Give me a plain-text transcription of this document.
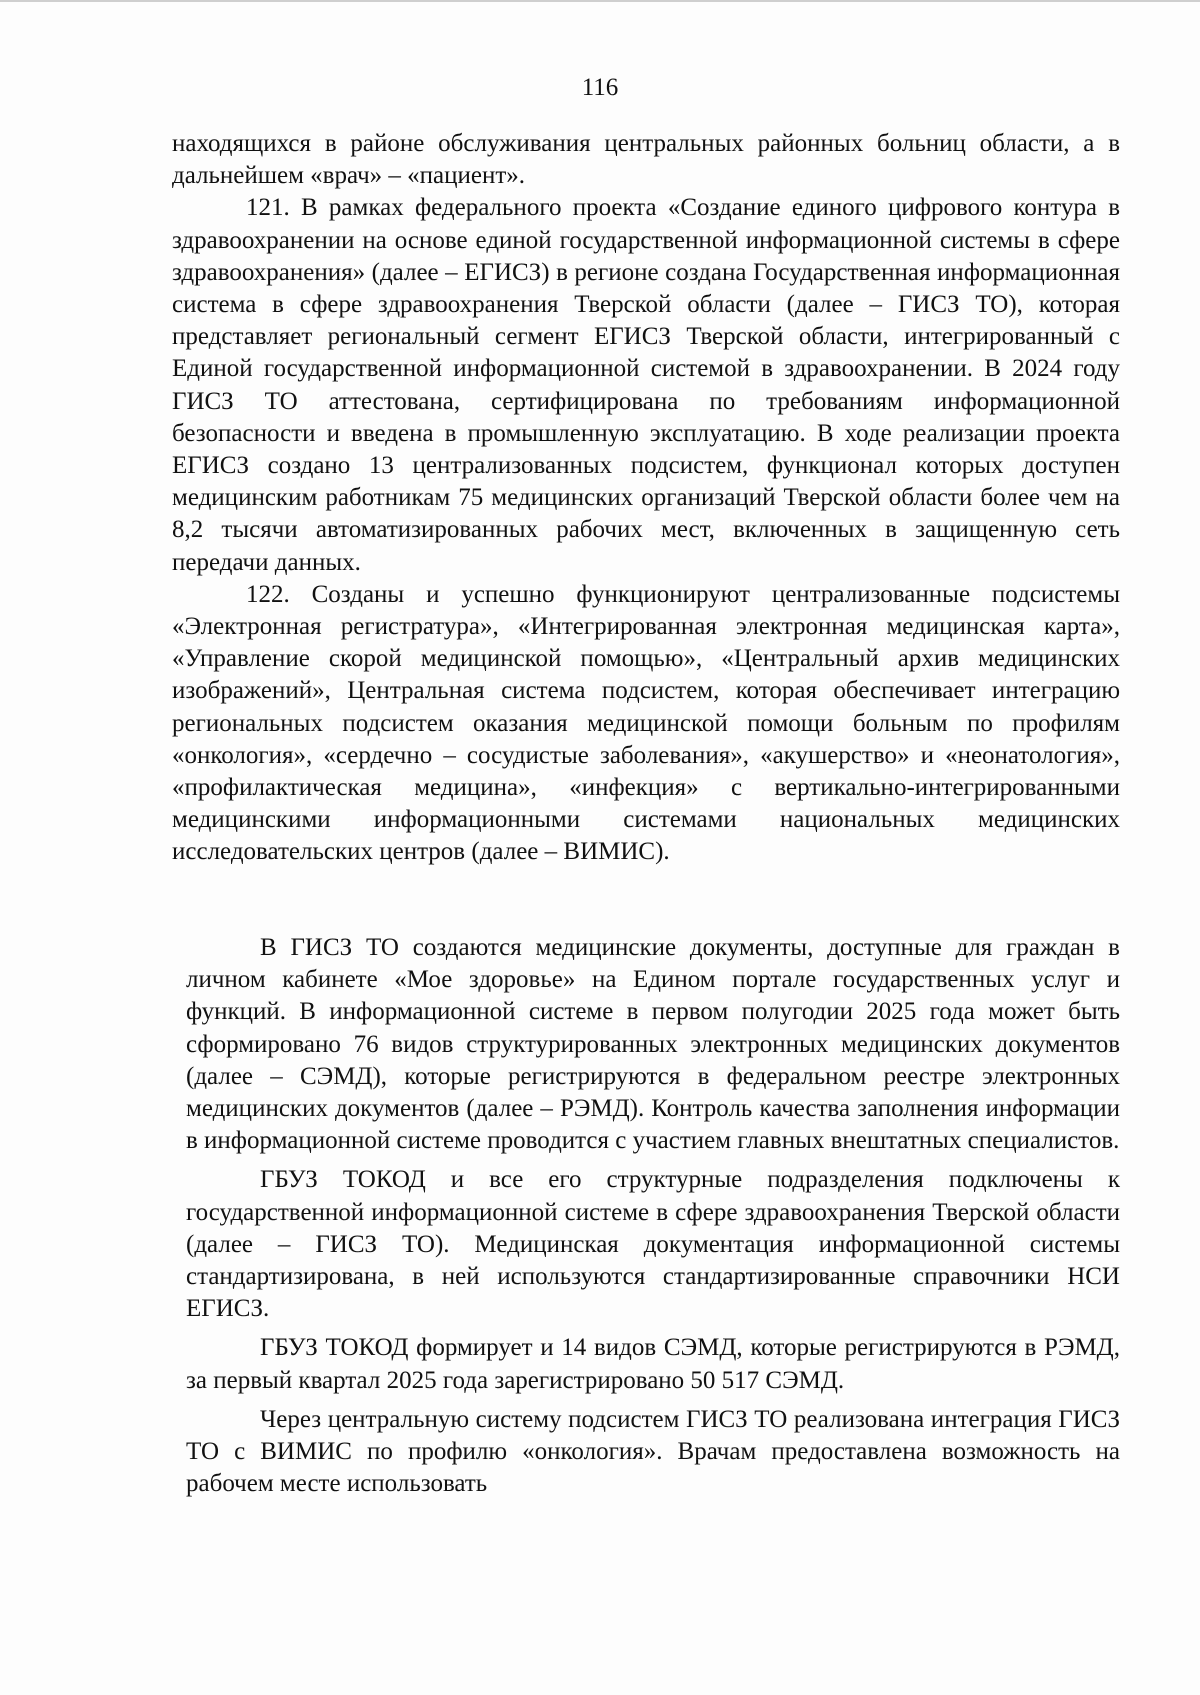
116

находящихся в районе обслуживания центральных районных больниц области, а в дальнейшем «врач» – «пациент».

121. В рамках федерального проекта «Создание единого цифрового контура в здравоохранении на основе единой государственной информационной системы в сфере здравоохранения» (далее – ЕГИСЗ) в регионе создана Государственная информационная система в сфере здравоохранения Тверской области (далее – ГИСЗ ТО), которая представляет региональный сегмент ЕГИСЗ Тверской области, интегрированный с Единой государственной информационной системой в здравоохранении. В 2024 году ГИСЗ ТО аттестована, сертифицирована по требованиям информационной безопасности и введена в промышленную эксплуатацию. В ходе реализации проекта ЕГИСЗ создано 13 централизованных подсистем, функционал которых доступен медицинским работникам 75 медицинских организаций Тверской области более чем на 8,2 тысячи автоматизированных рабочих мест, включенных в защищенную сеть передачи данных.

122. Созданы и успешно функционируют централизованные подсистемы «Электронная регистратура», «Интегрированная электронная медицинская карта», «Управление скорой медицинской помощью», «Центральный архив медицинских изображений», Центральная система подсистем, которая обеспечивает интеграцию региональных подсистем оказания медицинской помощи больным по профилям «онкология», «сердечно – сосудистые заболевания», «акушерство» и «неонатология», «профилактическая медицина», «инфекция» с вертикально-интегрированными медицинскими информационными системами национальных медицинских исследовательских центров (далее – ВИМИС).

В ГИСЗ ТО создаются медицинские документы, доступные для граждан в личном кабинете «Мое здоровье» на Едином портале государственных услуг и функций. В информационной системе в первом полугодии 2025 года может быть сформировано 76 видов структурированных электронных медицинских документов (далее – СЭМД), которые регистрируются в федеральном реестре электронных медицинских документов (далее – РЭМД). Контроль качества заполнения информации в информационной системе проводится с участием главных внештатных специалистов.

ГБУЗ ТОКОД и все его структурные подразделения подключены к государственной информационной системе в сфере здравоохранения Тверской области (далее – ГИСЗ ТО). Медицинская документация информационной системы стандартизирована, в ней используются стандартизированные справочники НСИ ЕГИСЗ.

ГБУЗ ТОКОД формирует и 14 видов СЭМД, которые регистрируются в РЭМД, за первый квартал 2025 года зарегистрировано 50 517 СЭМД.

Через центральную систему подсистем ГИСЗ ТО реализована интеграция ГИСЗ ТО с ВИМИС по профилю «онкология». Врачам предоставлена возможность на рабочем месте использовать
